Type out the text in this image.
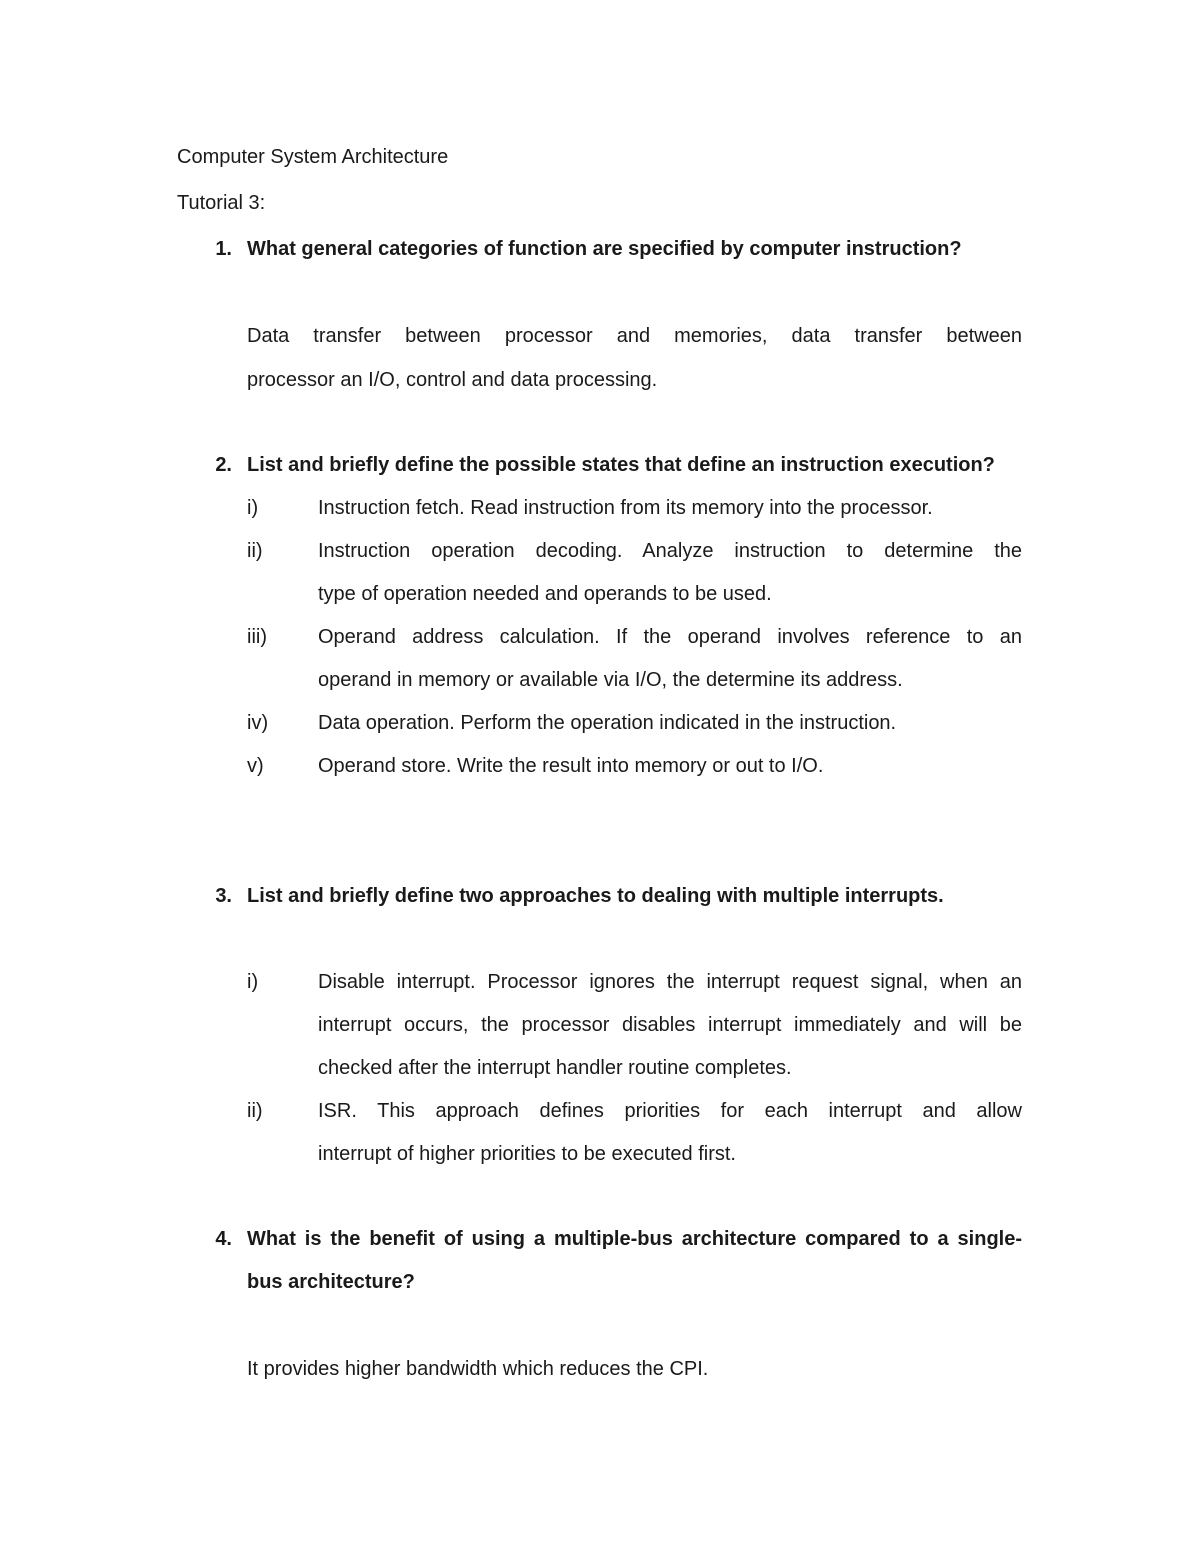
Computer System Architecture
Tutorial 3:
1. What general categories of function are specified by computer instruction?
Data transfer between processor and memories, data transfer between
processor an I/O, control and data processing.
2. List and briefly define the possible states that define an instruction execution?
i)	Instruction fetch. Read instruction from its memory into the processor.
ii)	Instruction operation decoding. Analyze instruction to determine the
type of operation needed and operands to be used.
iii)	Operand address calculation. If the operand involves reference to an
operand in memory or available via I/O, the determine its address.
iv) Data operation. Perform the operation indicated in the instruction.
v)	Operand store. Write the result into memory or out to I/O.
3. List and briefly define two approaches to dealing with multiple interrupts.
i)	Disable interrupt. Processor ignores the interrupt request signal, when an
interrupt occurs, the processor disables interrupt immediately and will be
checked after the interrupt handler routine completes.
ii)	ISR. This approach defines priorities for each interrupt and allow
interrupt of higher priorities to be executed first.
4. What is the benefit of using a multiple-bus architecture compared to a single-
bus architecture?
It provides higher bandwidth which reduces the CPI.
